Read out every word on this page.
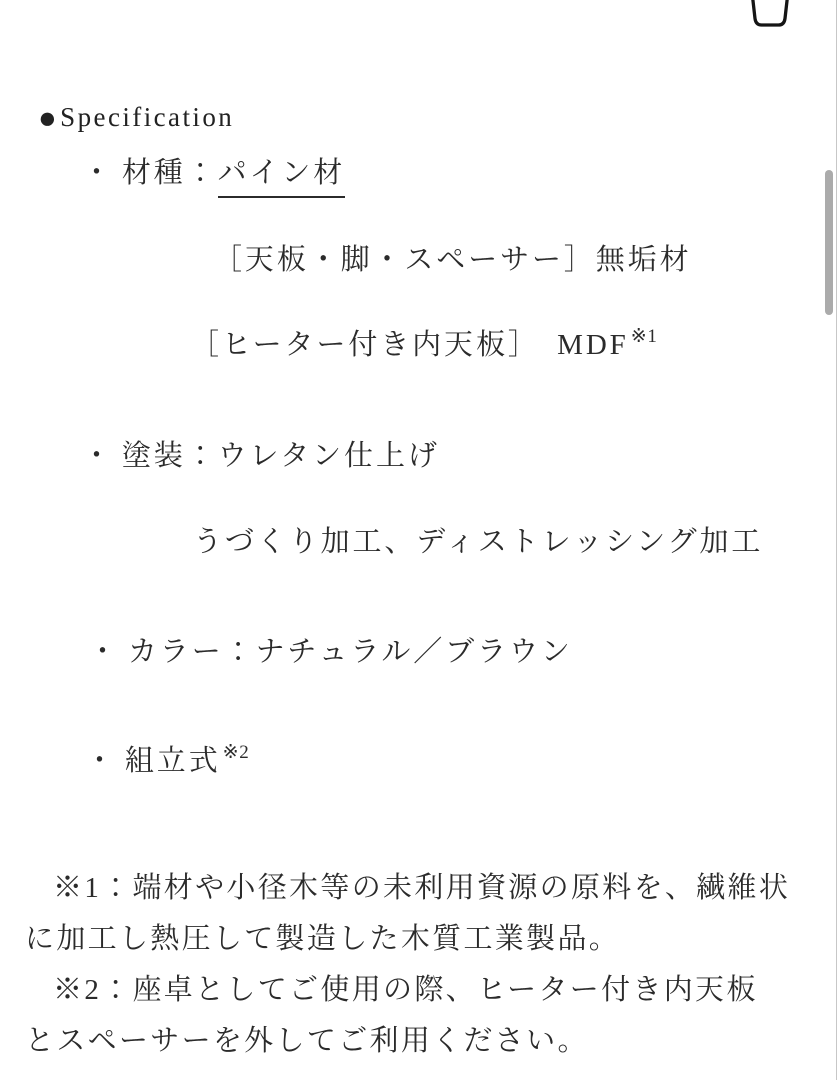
●Specification
・ 材種：パイン材
［天板・脚・スペーサー］無垢材
［ヒーター付き内天板］　MDF $^{※1}$
・ 塗装：ウレタン仕上げ
うづくり加工、ディストレッシング加工
・ カラー：ナチュラル／ブラウン
・ 組立式 $^{※2}$
※1：端材や小径木等の未利用資源の原料を、繊維状
に加工し熱圧して製造した木質工業製品。
※2：座卓としてご使用の際、ヒーター付き内天板
とスペーサーを外してご利用ください。
